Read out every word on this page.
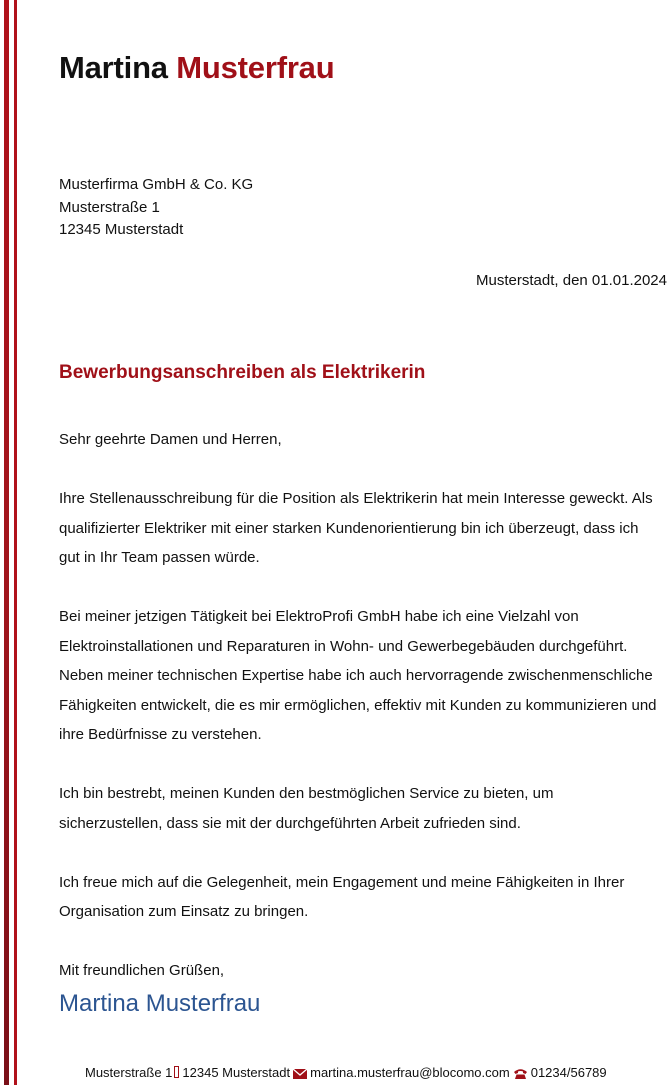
Martina Musterfrau
Musterfirma GmbH & Co. KG
Musterstraße 1
12345 Musterstadt
Musterstadt, den 01.01.2024
Bewerbungsanschreiben als Elektrikerin

Sehr geehrte Damen und Herren,

Ihre Stellenausschreibung für die Position als Elektrikerin hat mein Interesse geweckt. Als qualifizierter Elektriker mit einer starken Kundenorientierung bin ich überzeugt, dass ich gut in Ihr Team passen würde.

Bei meiner jetzigen Tätigkeit bei ElektroProfi GmbH habe ich eine Vielzahl von Elektroinstallationen und Reparaturen in Wohn- und Gewerbegebäuden durchgeführt. Neben meiner technischen Expertise habe ich auch hervorragende zwischenmenschliche Fähigkeiten entwickelt, die es mir ermöglichen, effektiv mit Kunden zu kommunizieren und ihre Bedürfnisse zu verstehen.

Ich bin bestrebt, meinen Kunden den bestmöglichen Service zu bieten, um sicherzustellen, dass sie mit der durchgeführten Arbeit zufrieden sind.

Ich freue mich auf die Gelegenheit, mein Engagement und meine Fähigkeiten in Ihrer Organisation zum Einsatz zu bringen.

Mit freundlichen Grüßen,

Martina Musterfrau
Musterstraße 1 12345 Musterstadt martina.musterfrau@blocomo.com 01234/56789
